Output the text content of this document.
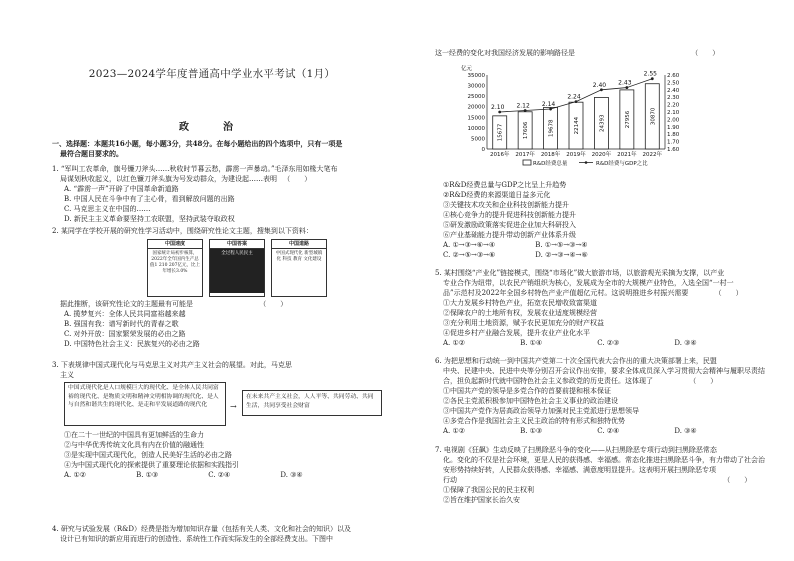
2023—2024学年度普通高中学业水平考试（1月）
政　治
一、选择题：本题共16小题，每小题3分，共48分。在每小题给出的四个选项中，只有一项是
最符合题目要求的。
1. “军叫工农革命，旗号镰刀斧头……秋收时节暮云愁，霹雳一声暴动。”毛泽东用如椽大笔布
局谋划秋收起义，以红色镰刀斧头旗为号发动群众，为建设起……表明 （　　）
A. “霹雳一声”开辟了中国革命新道路
B. 中国人民在斗争中有了主心骨，看到解放问题的出路
C. 马克思主义在中国的……
D. 新民主主义革命要坚持工农联盟，坚持武装夺取政权
2. 某同学在学校开展的研究性学习活动中，围绕研究性论文主题，搜集到以下资料：
中国速度
国家统计局初步核算，2022年全年国内生产总值1 210 207亿元，比上年增长3.0%
中国答案
全过程人民民主
中国道路
中国式现代化 新型城镇化 科技 教育 文化建设
据此推断，该研究性论文的主题最有可能是	（　　）
A. 揽梦复兴：全体人民共同富裕越来越
B. 强国有我：谱写新时代的青春之歌
C. 对外开放：国家繁荣发展的必由之路
D. 中国特色社会主义：民族复兴的必由之路
3. 下表规律中国式现代化与马克思主义对共产主义社会的展望。对此，马克思
主义
中国式现代化是人口规模巨大的现代化、是全体人民共同富裕的现代化、是物质文明和精神文明相协调的现代化、是人与自然和谐共生的现代化、是走和平发展道路的现代化	→
在未来共产主义社会，人人平等、共同劳动、共同生活，共同享受社会财富
①在二十一世纪的中国具有更加鲜活的生命力
②与中华优秀传统文化具有内在价值的融通性
③是实现中国式现代化，创造人民美好生活的必由之路
④为中国式现代化的探索提供了重要理论依据和实践指引
A. ①②	B. ①③	C. ②④	D. ③④
4. 研究与试验发展（R&D）经费是指为增加知识存量（包括有关人类、文化和社会的知识）以及
设计已有知识的新应用而进行的创造性、系统性工作而实际发生的全部经费支出。下图中
这一经费的变化对我国经济发展的影响路径是	（　　）
①R&D经费总量与GDP之比呈上升趋势
②R&D经费的来源渠道日益多元化
③关键技术攻关和企业科技创新能力提升
④核心竞争力的提升促进科技创新能力提升
⑤研发激励政策落实促进企业加大科研投入
⑥产业基础能力提升带动创新产业体系升级
A. ①→③→⑥→④	B. ①→⑤→③→④
C. ②→⑤→③→⑥	D. ②→③→④→⑥
5. 某村围绕“产业化”链接模式，围绕“市场化”做大旅游市场，以旅游观光采摘为支撑，以产业
专业合作为纽带，以农民产销组织为核心，发展成为全市的大规模产业特色，入选全国“一村一
品”示范村及2022年全国乡村特色产业产值超亿元村。这说明推进乡村振兴需要	（　　）
①大力发展乡村特色产业，拓宽农民增收致富渠道
②保障农户的土地所有权，发展农业适度规模经营
③充分利用土地资源，赋予农民更加充分的财产权益
④促进乡村产业融合发展，提升农业产业化水平
A. ①②	B. ①④	C. ②③	D. ③④
6. 为把思想和行动统一到中国共产党第二十次全国代表大会作出的重大决策部署上来，民盟
中央、民建中央、民进中央等分别召开会议作出安排，要求全体成员深入学习贯彻大会精神与履职尽责结
合，担负起新时代就中国特色社会主义参政党的历史责任。这体现了	（　　）
①中国共产党的领导是多党合作的首要前提和根本保证
②各民主党派积极参加中国特色社会主义事业的政治建设
③中国共产党作为居高政治领导力加强对民主党派进行思想领导
④多党合作是我国社会主义民主政治的特有形式和独特优势
A. ①②	B. ①③	C. ②④	D. ③④
7. 电视剧《狂飙》生动反映了扫黑除恶斗争的变化——从扫黑除恶专项行动到扫黑除恶常态
化。变化的不仅是社会环境，更是人民的获得感、幸福感。常态化推进扫黑除恶斗争，有力带动了社会治
安形势持续好转，人民群众获得感、幸福感、满意度明显提升。这表明开展扫黑除恶专项
行动	（　　）
①保障了我国公民的民主权利
②旨在维护国家长治久安
亿元
0
5000
10000
15000
20000
25000
30000
35000
1.60
1.70
1.80
1.90
2.00
2.10
2.20
2.30
2.40
2.50
2.60
15677
2016年
17606
2017年
19678
2018年
22144
2019年
24393
2020年
27956
2021年
30870
2022年
2.10 2.12 2.14
2.24
2.40 2.43
2.55
R&D经费总量	R&D经费与GDP之比
